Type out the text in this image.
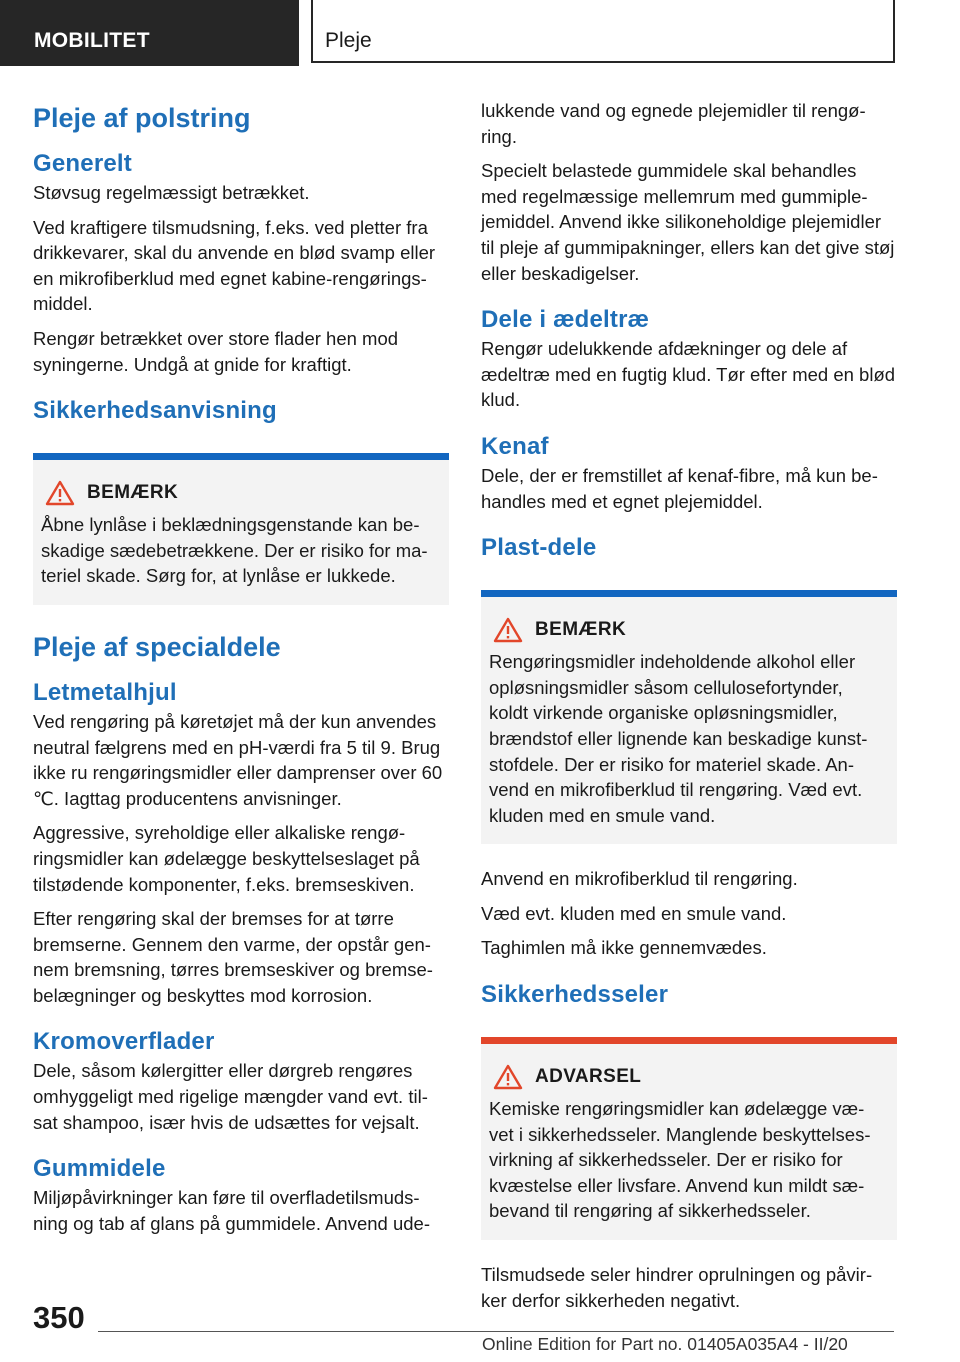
MOBILITET	Pleje
Pleje af polstring
Generelt

Støvsug regelmæssigt betrækket.

Ved kraftigere tilsmudsning, f.eks. ved pletter fra drikkevarer, skal du anvende en blød svamp eller en mikrofiberklud med egnet kabine-rengørings-middel.

Rengør betrækket over store flader hen mod syningerne. Undgå at gnide for kraftigt.

Sikkerhedsanvisning
BEMÆRK

Åbne lynlåse i beklædningsgenstande kan be-skadige sædebetrækkene. Der er risiko for ma-teriel skade. Sørg for, at lynlåse er lukkede.

Pleje af specialdele
Letmetalhjul

Ved rengøring på køretøjet må der kun anvendes neutral fælgrens med en pH-værdi fra 5 til 9. Brug ikke ru rengøringsmidler eller damprenser over 60 ℃. Iagttag producentens anvisninger.

Aggressive, syreholdige eller alkaliske rengø-ringsmidler kan ødelægge beskyttelseslaget på tilstødende komponenter, f.eks. bremseskiven.

Efter rengøring skal der bremses for at tørre bremserne. Gennem den varme, der opstår gen-nem bremsning, tørres bremseskiver og bremse-belægninger og beskyttes mod korrosion.

Kromoverflader

Dele, såsom kølergitter eller dørgreb rengøres omhyggeligt med rigelige mængder vand evt. til-sat shampoo, især hvis de udsættes for vejsalt.

Gummidele

Miljøpåvirkninger kan føre til overfladetilsmuds-ning og tab af glans på gummidele. Anvend ude-

lukkende vand og egnede plejemidler til rengø-ring.

Specielt belastede gummidele skal behandles med regelmæssige mellemrum med gummiple-jemiddel. Anvend ikke silikoneholdige plejemidler til pleje af gummipakninger, ellers kan det give støj eller beskadigelser.

Dele i ædeltræ

Rengør udelukkende afdækninger og dele af ædeltræ med en fugtig klud. Tør efter med en blød klud.

Kenaf

Dele, der er fremstillet af kenaf-fibre, må kun be-handles med et egnet plejemiddel.

Plast-dele
BEMÆRK

Rengøringsmidler indeholdende alkohol eller opløsningsmidler såsom cellulosefortynder, koldt virkende organiske opløsningsmidler, brændstof eller lignende kan beskadige kunst-stofdele. Der er risiko for materiel skade. An-vend en mikrofiberklud til rengøring. Væd evt. kluden med en smule vand.

Anvend en mikrofiberklud til rengøring.

Væd evt. kluden med en smule vand.

Taghimlen må ikke gennemvædes.

Sikkerhedsseler
ADVARSEL

Kemiske rengøringsmidler kan ødelægge væ-vet i sikkerhedsseler. Manglende beskyttelses-virkning af sikkerhedsseler. Der er risiko for kvæstelse eller livsfare. Anvend kun mildt sæ-bevand til rengøring af sikkerhedsseler.

Tilsmudsede seler hindrer oprulningen og påvir-ker derfor sikkerheden negativt.

350
Online Edition for Part no. 01405A035A4 - II/20
